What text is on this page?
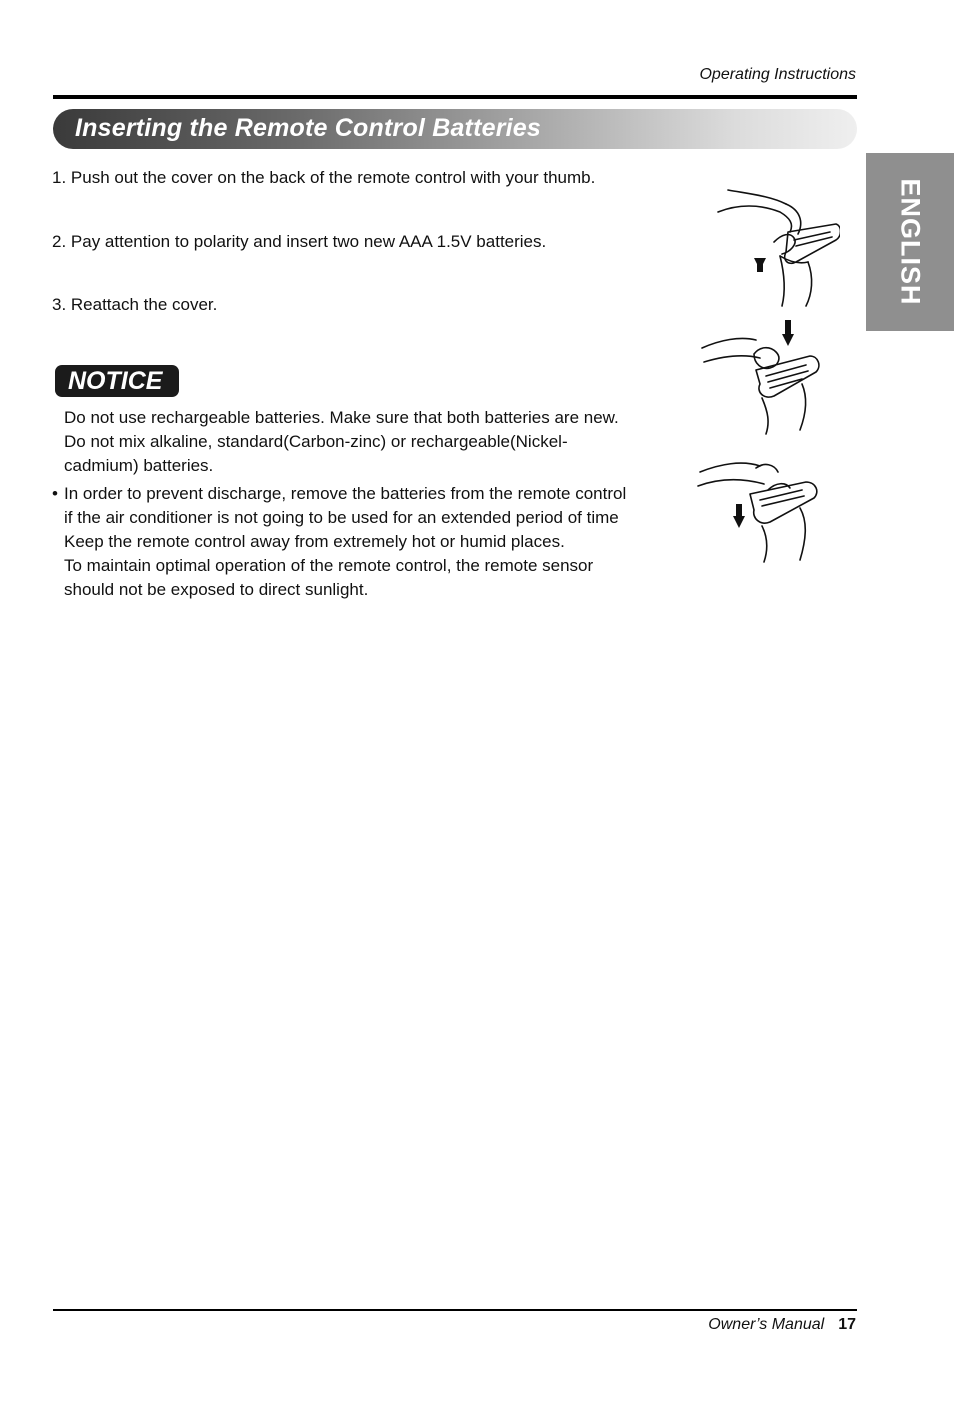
Operating Instructions
Inserting the Remote Control Batteries
1. Push out the cover on the back of the remote control with your thumb.
2. Pay attention to polarity and insert two new AAA 1.5V batteries.
3. Reattach the cover.
NOTICE
Do not use rechargeable batteries. Make sure that both batteries are new.
Do not mix alkaline, standard(Carbon-zinc) or rechargeable(Nickel-
cadmium) batteries.
• In order to prevent discharge, remove the batteries from the remote control
if the air conditioner is not going to be used for an extended period of time
Keep the remote control away from extremely hot or humid places.
To maintain optimal operation of the remote control, the remote sensor
should not be exposed to direct sunlight.
ENGLISH
Owner’s Manual 17
